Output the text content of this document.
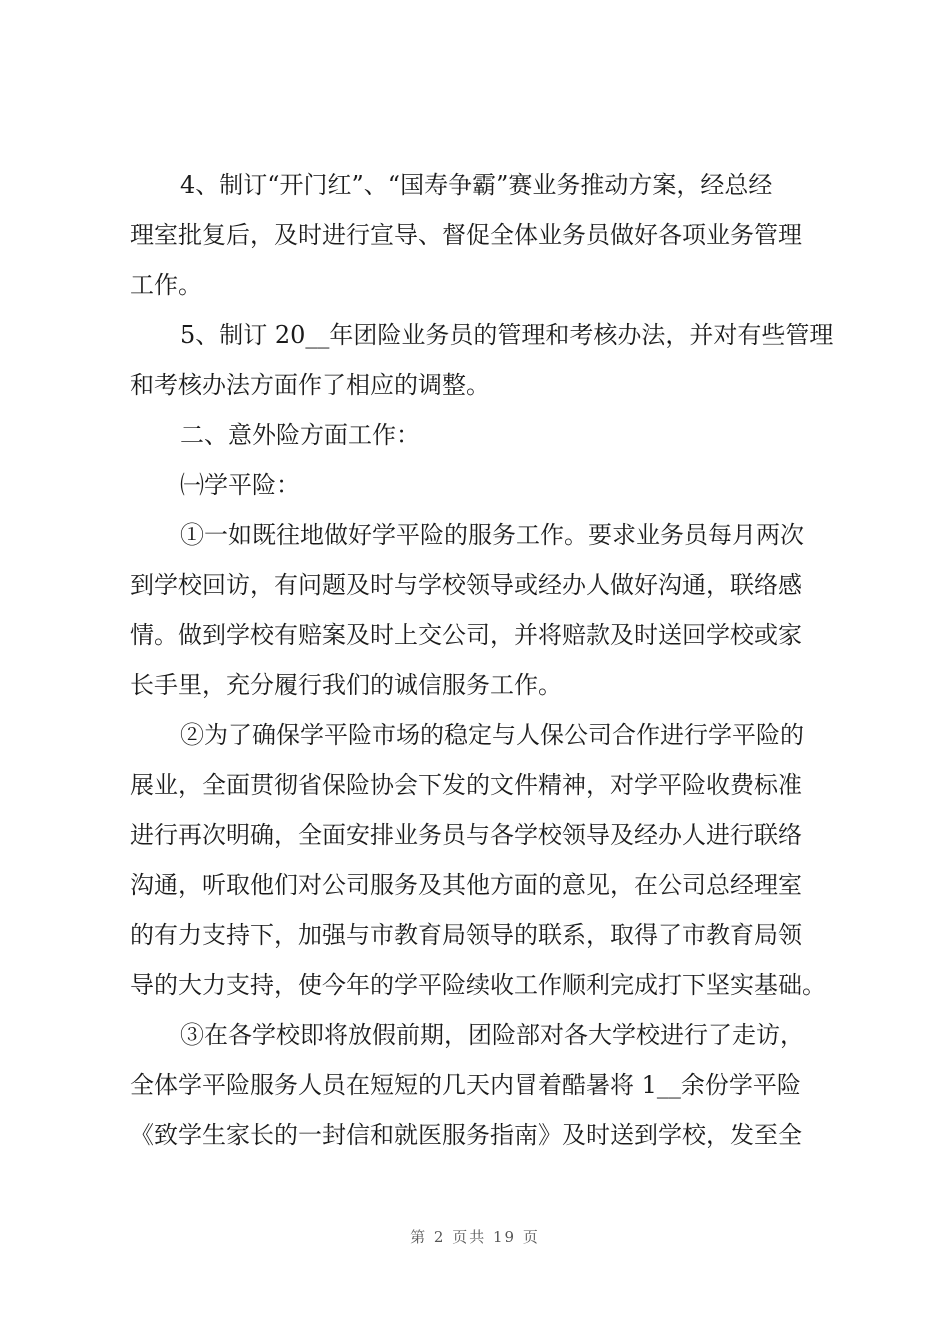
4、制订“开门红”、“国寿争霸”赛业务推动方案，经总经
理室批复后，及时进行宣导、督促全体业务员做好各项业务管理
工作。
5、制订 20__年团险业务员的管理和考核办法，并对有些管理
和考核办法方面作了相应的调整。
二、意外险方面工作：
㈠学平险：
①一如既往地做好学平险的服务工作。要求业务员每月两次
到学校回访，有问题及时与学校领导或经办人做好沟通，联络感
情。做到学校有赔案及时上交公司，并将赔款及时送回学校或家
长手里，充分履行我们的诚信服务工作。
②为了确保学平险市场的稳定与人保公司合作进行学平险的
展业，全面贯彻省保险协会下发的文件精神，对学平险收费标准
进行再次明确，全面安排业务员与各学校领导及经办人进行联络
沟通，听取他们对公司服务及其他方面的意见，在公司总经理室
的有力支持下，加强与市教育局领导的联系，取得了市教育局领
导的大力支持，使今年的学平险续收工作顺利完成打下坚实基础。
③在各学校即将放假前期，团险部对各大学校进行了走访，
全体学平险服务人员在短短的几天内冒着酷暑将 1__余份学平险
《致学生家长的一封信和就医服务指南》及时送到学校，发至全
第 2 页共 19 页
